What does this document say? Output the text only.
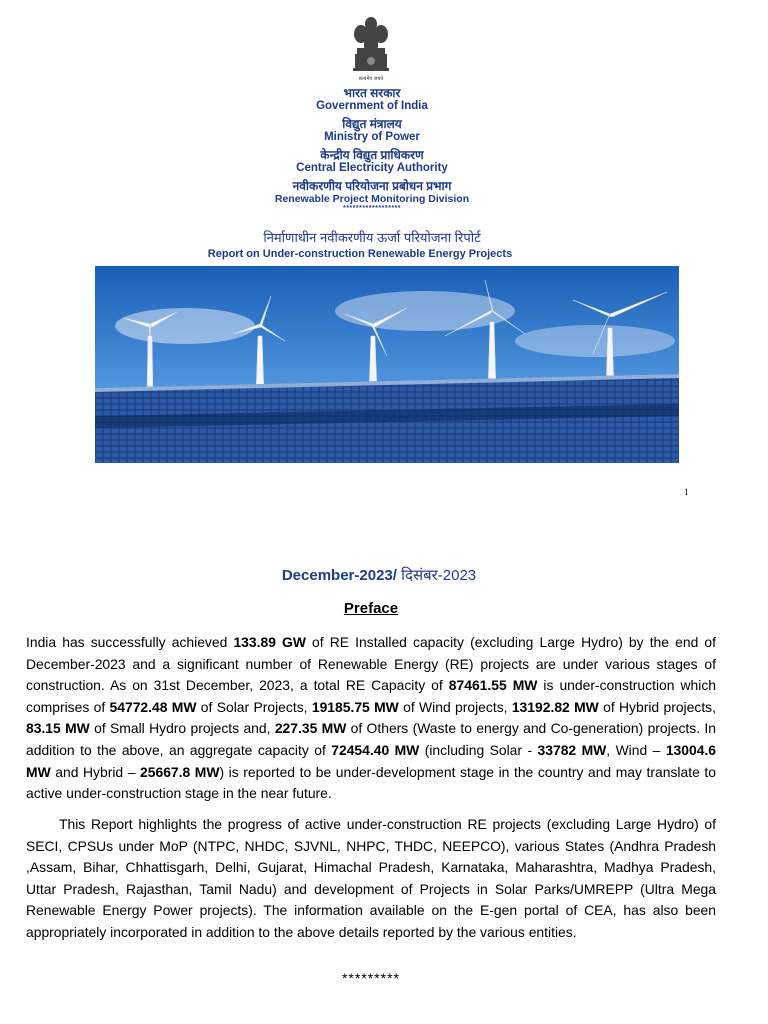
सत्यमेव जयते
भारत सरकार
Government of India
विद्युत मंत्रालय
Ministry of Power
केन्द्रीय विद्युत प्राधिकरण
Central Electricity Authority
नवीकरणीय परियोजना प्रबोधन प्रभाग
Renewable Project Monitoring Division
******************
निर्माणाधीन नवीकरणीय ऊर्जा परियोजना रिपोर्ट
Report on Under-construction Renewable Energy Projects
1
December-2023/ दिसंबर-2023
Preface
India has successfully achieved 133.89 GW of RE Installed capacity (excluding Large Hydro) by the end of December-2023 and a significant number of Renewable Energy (RE) projects are under various stages of construction. As on 31st December, 2023, a total RE Capacity of 87461.55 MW is under-construction which comprises of 54772.48 MW of Solar Projects, 19185.75 MW of Wind projects, 13192.82 MW of Hybrid projects, 83.15 MW of Small Hydro projects and, 227.35 MW of Others (Waste to energy and Co-generation) projects. In addition to the above, an aggregate capacity of 72454.40 MW (including Solar - 33782 MW, Wind – 13004.6 MW and Hybrid – 25667.8 MW) is reported to be under-development stage in the country and may translate to active under-construction stage in the near future.
This Report highlights the progress of active under-construction RE projects (excluding Large Hydro) of SECI, CPSUs under MoP (NTPC, NHDC, SJVNL, NHPC, THDC, NEEPCO), various States (Andhra Pradesh ,Assam, Bihar, Chhattisgarh, Delhi, Gujarat, Himachal Pradesh, Karnataka, Maharashtra, Madhya Pradesh, Uttar Pradesh, Rajasthan, Tamil Nadu) and development of Projects in Solar Parks/UMREPP (Ultra Mega Renewable Energy Power projects). The information available on the E-gen portal of CEA, has also been appropriately incorporated in addition to the above details reported by the various entities.
*********
